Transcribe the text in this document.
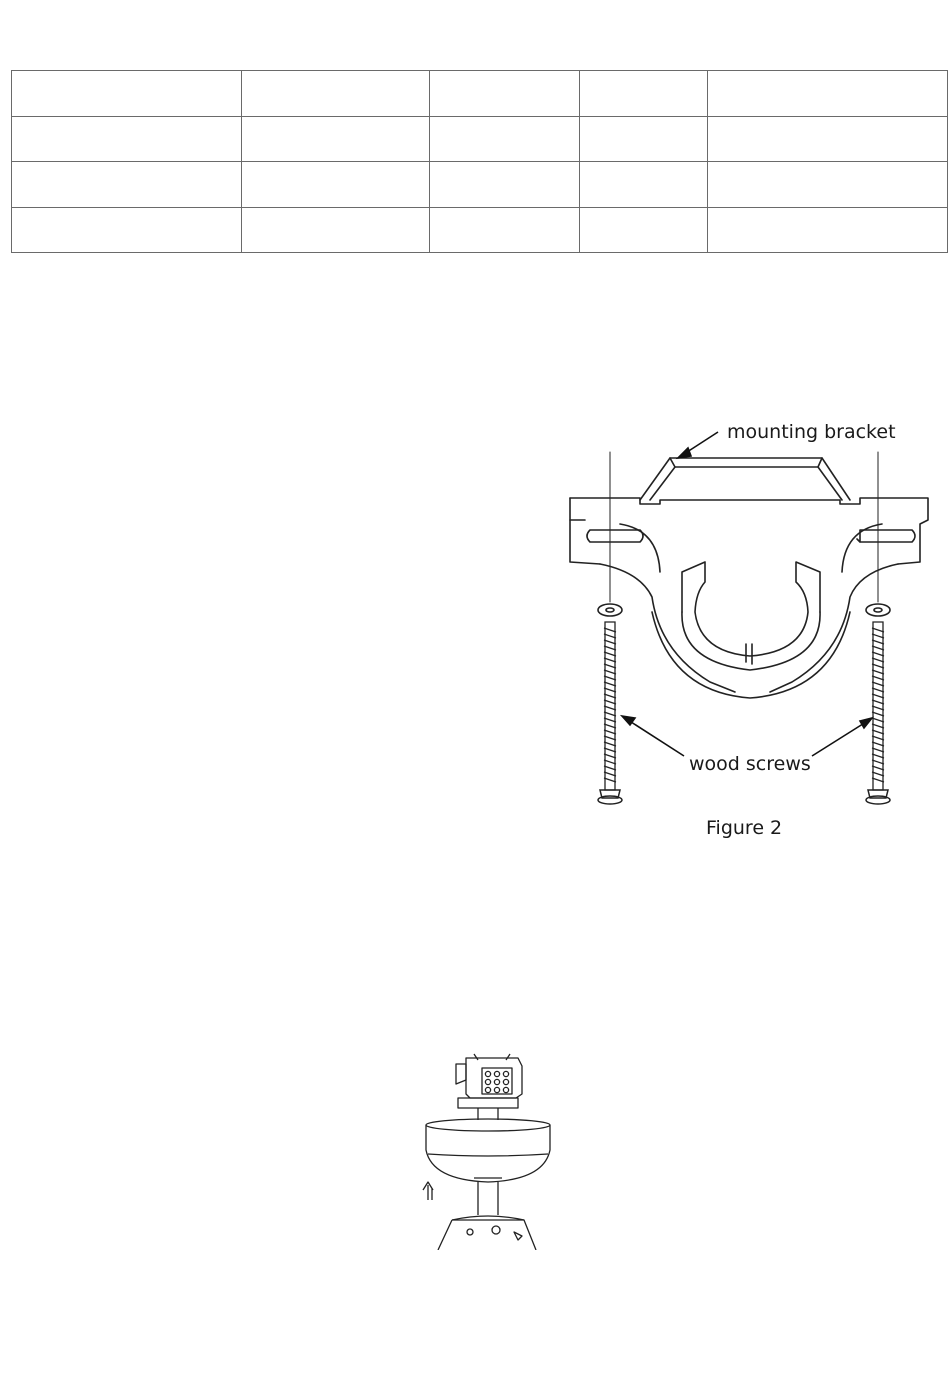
mounting bracket
wood screws
Figure 2
